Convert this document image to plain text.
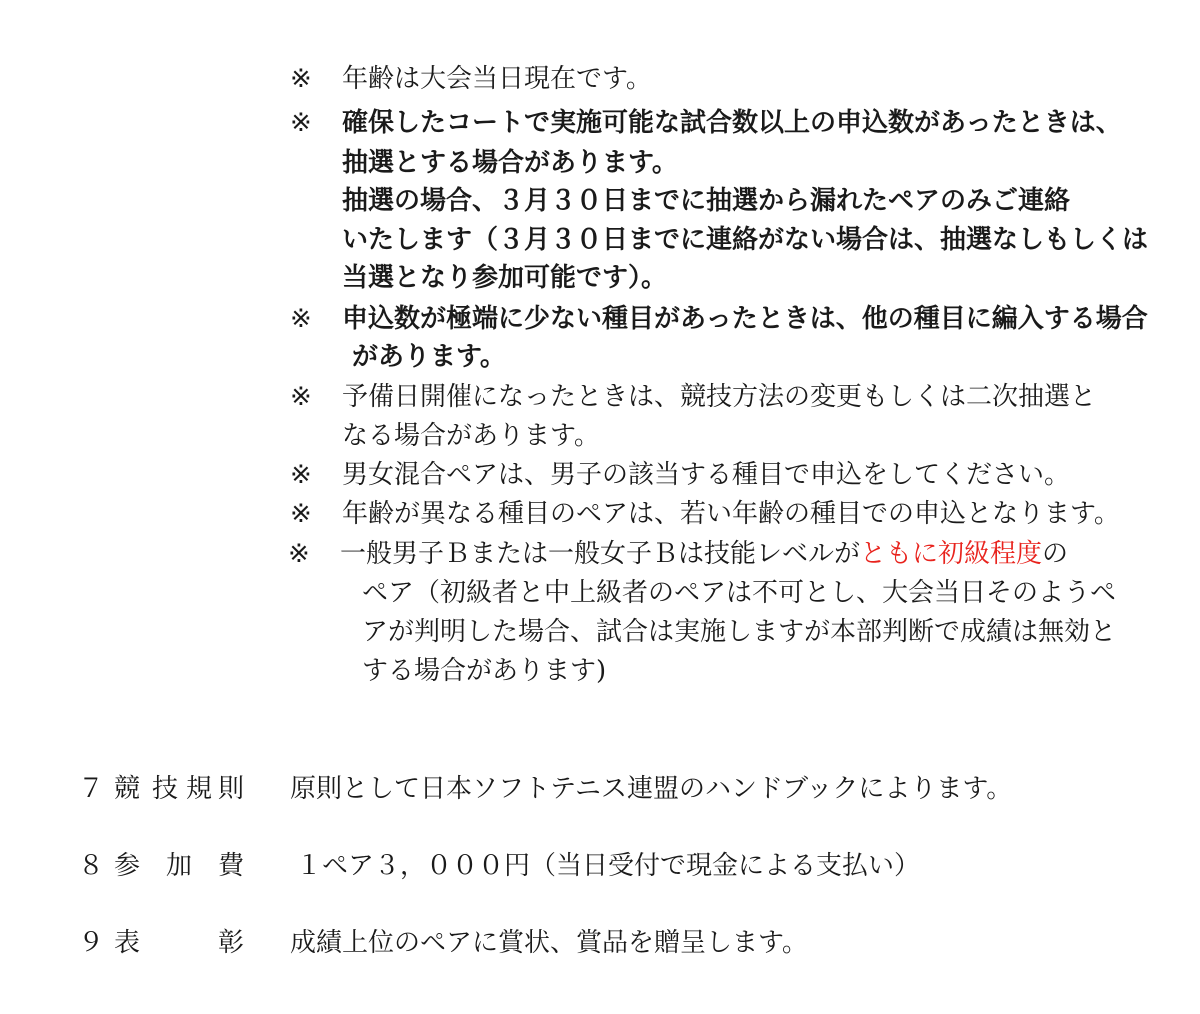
※ 年齢は大会当日現在です。
※ 確保したコートで実施可能な試合数以上の申込数があったときは、
抽選とする場合があります。
抽選の場合、３月３０日までに抽選から漏れたペアのみご連絡
いたします（３月３０日までに連絡がない場合は、抽選なしもしくは
当選となり参加可能です）。
※ 申込数が極端に少ない種目があったときは、他の種目に編入する場合
があります。
※ 予備日開催になったときは、競技方法の変更もしくは二次抽選と
なる場合があります。
※ 男女混合ペアは、男子の該当する種目で申込をしてください。
※ 年齢が異なる種目のペアは、若い年齢の種目での申込となります。
※ 一般男子Ｂまたは一般女子Ｂは技能レベルがともに初級程度の
ペア（初級者と中上級者のペアは不可とし、大会当日そのようペ
アが判明した場合、試合は実施しますが本部判断で成績は無効と
する場合があります)
７ 競 技 規 則 原則として日本ソフトテニス連盟のハンドブックによります。
８ 参 加 費 １ペア３，０００円（当日受付で現金による支払い）
９ 表	彰 成績上位のペアに賞状、賞品を贈呈します。
